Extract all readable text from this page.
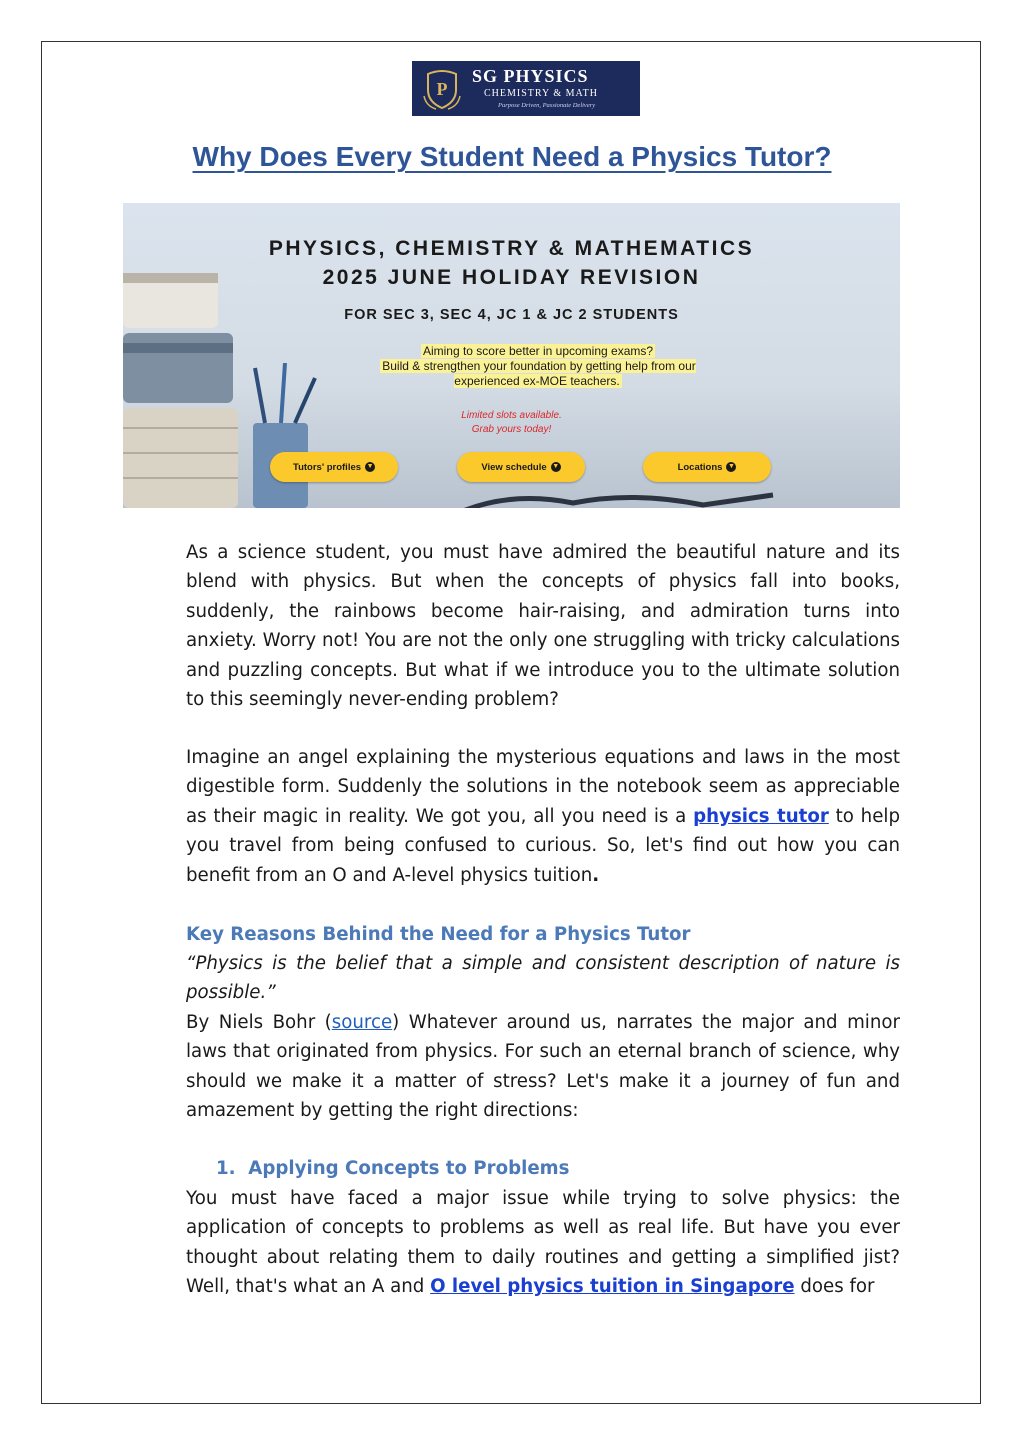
P
SG PHYSICS
CHEMISTRY & MATH
Purpose Driven, Passionate Delivery
Why Does Every Student Need a Physics Tutor?
PHYSICS, CHEMISTRY & MATHEMATICS
2025 JUNE HOLIDAY REVISION
FOR SEC 3, SEC 4, JC 1 & JC 2 STUDENTS
Aiming to score better in upcoming exams?
Build & strengthen your foundation by getting help from our experienced ex-MOE teachers.
Limited slots available.
Grab yours today!
Tutors' profiles ▼	View schedule ▼	Locations ▼

As a science student, you must have admired the beautiful nature and its blend with physics. But when the concepts of physics fall into books, suddenly, the rainbows become hair-raising, and admiration turns into anxiety. Worry not! You are not the only one struggling with tricky calculations and puzzling concepts. But what if we introduce you to the ultimate solution to this seemingly never-ending problem?

Imagine an angel explaining the mysterious equations and laws in the most digestible form. Suddenly the solutions in the notebook seem as appreciable as their magic in reality. We got you, all you need is a physics tutor to help you travel from being confused to curious. So, let's find out how you can benefit from an O and A-level physics tuition.

Key Reasons Behind the Need for a Physics Tutor

“Physics is the belief that a simple and consistent description of nature is possible.”
By Niels Bohr (source) Whatever around us, narrates the major and minor laws that originated from physics. For such an eternal branch of science, why should we make it a matter of stress? Let's make it a journey of fun and amazement by getting the right directions:

1. Applying Concepts to Problems

You must have faced a major issue while trying to solve physics: the application of concepts to problems as well as real life. But have you ever thought about relating them to daily routines and getting a simplified jist? Well, that's what an A and O level physics tuition in Singapore does for
